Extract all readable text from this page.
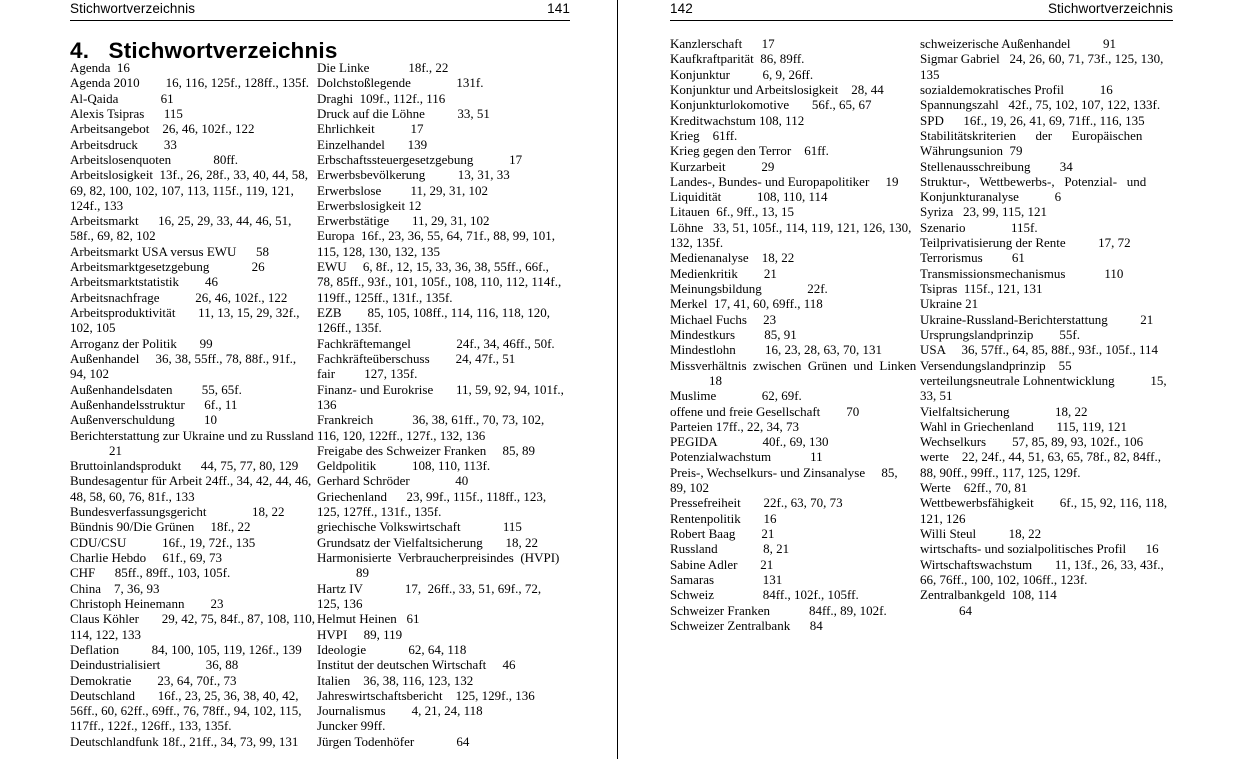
Stichwortverzeichnis	141
4.   Stichwortverzeichnis
Agenda  16
Agenda 2010        16, 116, 125f., 128ff., 135f.
Al-Qaida             61
Alexis Tsipras      115
Arbeitsangebot    26, 46, 102f., 122
Arbeitsdruck        33
Arbeitslosenquoten             80ff.
Arbeitslosigkeit  13f., 26, 28f., 33, 40, 44, 58,
69, 82, 100, 102, 107, 113, 115f., 119, 121,
124f., 133
Arbeitsmarkt      16, 25, 29, 33, 44, 46, 51,
58f., 69, 82, 102
Arbeitsmarkt USA versus EWU      58
Arbeitsmarktgesetzgebung             26
Arbeitsmarktstatistik        46
Arbeitsnachfrage           26, 46, 102f., 122
Arbeitsproduktivität       11, 13, 15, 29, 32f.,
102, 105
Arroganz der Politik       99
Außenhandel     36, 38, 55ff., 78, 88f., 91f.,
94, 102
Außenhandelsdaten         55, 65f.
Außenhandelsstruktur      6f., 11
Außenverschuldung         10
Berichterstattung zur Ukraine und zu Russland
21
Bruttoinlandsprodukt      44, 75, 77, 80, 129
Bundesagentur für Arbeit 24ff., 34, 42, 44, 46,
48, 58, 60, 76, 81f., 133
Bundesverfassungsgericht              18, 22
Bündnis 90/Die Grünen     18f., 22
CDU/CSU           16f., 19, 72f., 135
Charlie Hebdo     61f., 69, 73
CHF      85ff., 89ff., 103, 105f.
China    7, 36, 93
Christoph Heinemann        23
Claus Köhler       29, 42, 75, 84f., 87, 108, 110,
114, 122, 133
Deflation          84, 100, 105, 119, 126f., 139
Deindustrialisiert              36, 88
Demokratie        23, 64, 70f., 73
Deutschland       16f., 23, 25, 36, 38, 40, 42,
56ff., 60, 62ff., 69ff., 76, 78ff., 94, 102, 115,
117ff., 122f., 126ff., 133, 135f.
Deutschlandfunk 18f., 21ff., 34, 73, 99, 131
Die Linke            18f., 22
Dolchstoßlegende              131f.
Draghi  109f., 112f., 116
Druck auf die Löhne          33, 51
Ehrlichkeit           17
Einzelhandel       139
Erbschaftssteuergesetzgebung           17
Erwerbsbevölkerung          13, 31, 33
Erwerbslose         11, 29, 31, 102
Erwerbslosigkeit 12
Erwerbstätige       11, 29, 31, 102
Europa  16f., 23, 36, 55, 64, 71f., 88, 99, 101,
115, 128, 130, 132, 135
EWU     6, 8f., 12, 15, 33, 36, 38, 55ff., 66f.,
78, 85ff., 93f., 101, 105f., 108, 110, 112, 114f.,
119ff., 125ff., 131f., 135f.
EZB        85, 105, 108ff., 114, 116, 118, 120,
126ff., 135f.
Fachkräftemangel              24f., 34, 46ff., 50f.
Fachkräfteüberschuss        24, 47f., 51
fair         127, 135f.
Finanz- und Eurokrise       11, 59, 92, 94, 101f.,
136
Frankreich            36, 38, 61ff., 70, 73, 102,
116, 120, 122ff., 127f., 132, 136
Freigabe des Schweizer Franken     85, 89
Geldpolitik           108, 110, 113f.
Gerhard Schröder              40
Griechenland      23, 99f., 115f., 118ff., 123,
125, 127ff., 131f., 135f.
griechische Volkswirtschaft             115
Grundsatz der Vielfaltsicherung       18, 22
Harmonisierte  Verbraucherpreisindes  (HVPI)
89
Hartz IV             17,  26ff., 33, 51, 69f., 72,
125, 136
Helmut Heinen   61
HVPI     89, 119
Ideologie             62, 64, 118
Institut der deutschen Wirtschaft     46
Italien    36, 38, 116, 123, 132
Jahreswirtschaftsbericht    125, 129f., 136
Journalismus        4, 21, 24, 118
Juncker 99ff.
Jürgen Todenhöfer             64
142	Stichwortverzeichnis
Kanzlerschaft      17
Kaufkraftparität  86, 89ff.
Konjunktur          6, 9, 26ff.
Konjunktur und Arbeitslosigkeit    28, 44
Konjunkturlokomotive       56f., 65, 67
Kreditwachstum 108, 112
Krieg    61ff.
Krieg gegen den Terror    61ff.
Kurzarbeit           29
Landes-, Bundes- und Europapolitiker     19
Liquidität           108, 110, 114
Litauen  6f., 9ff., 13, 15
Löhne   33, 51, 105f., 114, 119, 121, 126, 130,
132, 135f.
Medienanalyse    18, 22
Medienkritik        21
Meinungsbildung              22f.
Merkel  17, 41, 60, 69ff., 118
Michael Fuchs     23
Mindestkurs         85, 91
Mindestlohn         16, 23, 28, 63, 70, 131
Missverhältnis  zwischen  Grünen  und  Linken
18
Muslime              62, 69f.
offene und freie Gesellschaft        70
Parteien 17ff., 22, 34, 73
PEGIDA              40f., 69, 130
Potenzialwachstum            11
Preis-, Wechselkurs- und Zinsanalyse     85,
89, 102
Pressefreiheit       22f., 63, 70, 73
Rentenpolitik       16
Robert Baag        21
Russland              8, 21
Sabine Adler       21
Samaras               131
Schweiz               84ff., 102f., 105ff.
Schweizer Franken            84ff., 89, 102f.
Schweizer Zentralbank      84
schweizerische Außenhandel          91
Sigmar Gabriel   24, 26, 60, 71, 73f., 125, 130,
135
sozialdemokratisches Profil           16
Spannungszahl   42f., 75, 102, 107, 122, 133f.
SPD      16f., 19, 26, 41, 69, 71ff., 116, 135
Stabilitätskriterien      der      Europäischen
Währungsunion  79
Stellenausschreibung         34
Struktur-,   Wettbewerbs-,   Potenzial-   und
Konjunkturanalyse           6
Syriza   23, 99, 115, 121
Szenario              115f.
Teilprivatisierung der Rente          17, 72
Terrorismus         61
Transmissionsmechanismus            110
Tsipras  115f., 121, 131
Ukraine 21
Ukraine-Russland-Berichterstattung          21
Ursprungslandprinzip        55f.
USA     36, 57ff., 64, 85, 88f., 93f., 105f., 114
Versendungslandprinzip    55
verteilungsneutrale Lohnentwicklung           15,
33, 51
Vielfaltsicherung              18, 22
Wahl in Griechenland       115, 119, 121
Wechselkurs        57, 85, 89, 93, 102f., 106
werte    22, 24f., 44, 51, 63, 65, 78f., 82, 84ff.,
88, 90ff., 99ff., 117, 125, 129f.
Werte    62ff., 70, 81
Wettbewerbsfähigkeit        6f., 15, 92, 116, 118,
121, 126
Willi Steul          18, 22
wirtschafts- und sozialpolitisches Profil      16
Wirtschaftswachstum       11, 13f., 26, 33, 43f.,
66, 76ff., 100, 102, 106ff., 123f.
Zentralbankgeld  108, 114
64
